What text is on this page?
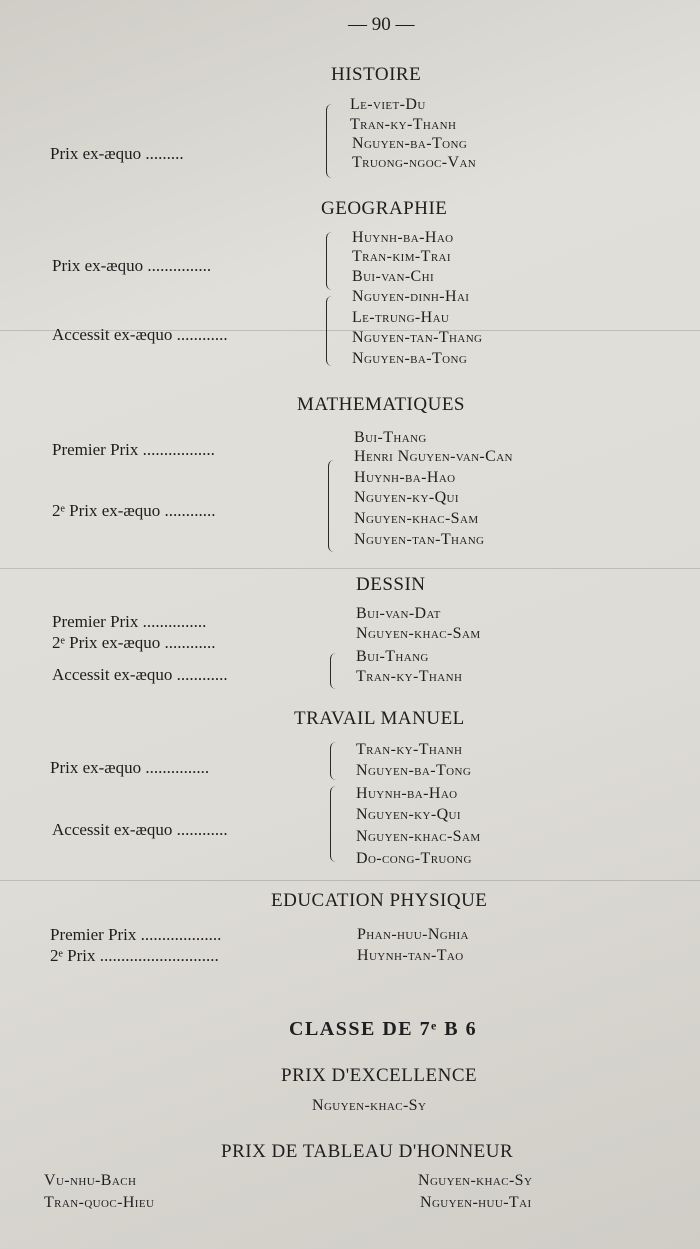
— 90 —
HISTOIRE
Prix ex-æquo .........
Le-viet-Du
Tran-ky-Thanh
Nguyen-ba-Tong
Truong-ngoc-Van
GEOGRAPHIE
Prix ex-æquo ...............
Accessit ex-æquo ............
Huynh-ba-Hao
Tran-kim-Trai
Bui-van-Chi
Nguyen-dinh-Hai
Le-trung-Hau
Nguyen-tan-Thang
Nguyen-ba-Tong
MATHEMATIQUES
Premier Prix .................
2ᵉ Prix ex-æquo ............
Bui-Thang
Henri Nguyen-van-Can
Huynh-ba-Hao
Nguyen-ky-Qui
Nguyen-khac-Sam
Nguyen-tan-Thang
DESSIN
Premier Prix ...............
2ᵉ Prix ex-æquo ............
Accessit ex-æquo ............
Bui-van-Dat
Nguyen-khac-Sam
Bui-Thang
Tran-ky-Thanh
TRAVAIL MANUEL
Prix ex-æquo ...............
Accessit ex-æquo ............
Tran-ky-Thanh
Nguyen-ba-Tong
Huynh-ba-Hao
Nguyen-ky-Qui
Nguyen-khac-Sam
Do-cong-Truong
EDUCATION PHYSIQUE
Premier Prix ...................
2ᵉ Prix ............................
Phan-huu-Nghia
Huynh-tan-Tao
CLASSE DE 7ᵉ B 6
PRIX D'EXCELLENCE
Nguyen-khac-Sy
PRIX DE TABLEAU D'HONNEUR
Vu-nhu-Bach
Tran-quoc-Hieu
Nguyen-khac-Sy
Nguyen-huu-Tai
